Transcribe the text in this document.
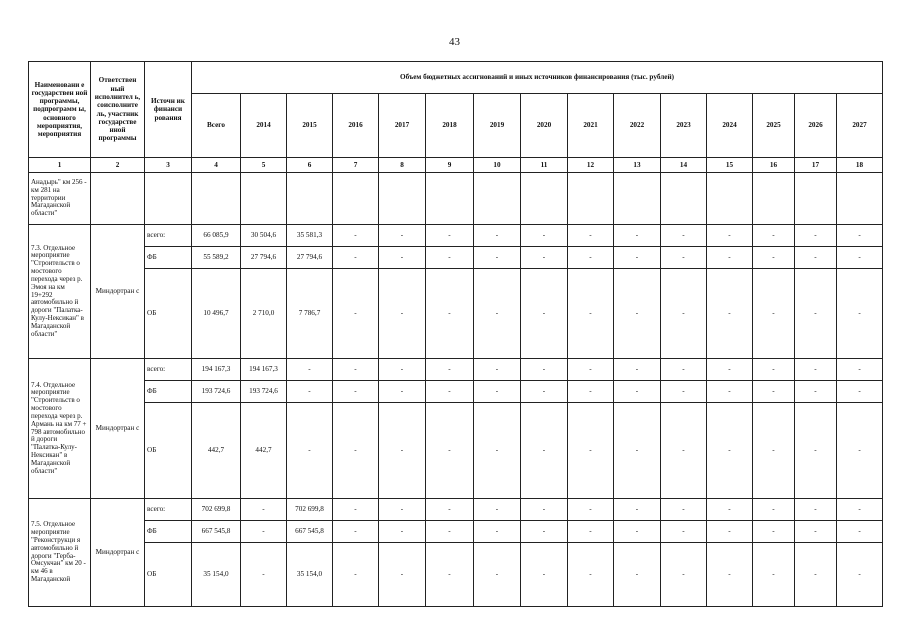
43
Наименовани е государствен ной программы, подпрограмм ы, основного мероприятия, мероприятия	Ответствен ный исполнител ь, соисполните ль, участник государстве нной программы	Источн ик финанси рования	Объем бюджетных ассигнований и иных источников финансирования (тыс. рублей)														
			Всего	2014	2015	2016	2017	2018	2019	2020	2021	2022	2023	2024	2025	2026	2027
1	2	3	4	5	6	7	8	9	10	11	12	13	14	15	16	17	18
Анадырь" км 256 - км 281 на территории Магаданской области"																	
7.3. Отдельное мероприятие "Строительств о мостового перехода через р. Эмоя на км 19+292 автомобильно й дороги "Палатка-Кулу-Нексикан" в Магаданской области"	Миндортран с	всего:	66 085,9	30 504,6	35 581,3	-	-	-	-	-	-	-	-	-	-	-	-
		ФБ	55 589,2	27 794,6	27 794,6	-	-	-	-	-	-	-	-	-	-	-	-
		ОБ	10 496,7	2 710,0	7 786,7	-	-	-	-	-	-	-	-	-	-	-	-
7.4. Отдельное мероприятие "Строительств о мостового перехода через р. Армань на км 77 + 798 автомобильно й дороги "Палатка-Кулу-Нексикан" в Магаданской области"	Миндортран с	всего:	194 167,3	194 167,3	-	-	-	-	-	-	-	-	-	-	-	-	-
		ФБ	193 724,6	193 724,6	-	-	-	-	-	-	-	-	-	-	-	-	-
		ОБ	442,7	442,7	-	-	-	-	-	-	-	-	-	-	-	-	-
7.5. Отдельное мероприятие "Реконструкци я автомобильно й дороги "Герба-Омсукчан" км 20 - км 46 в Магаданской	Миндортран с	всего:	702 699,8	-	702 699,8	-	-	-	-	-	-	-	-	-	-	-	-
		ФБ	667 545,8	-	667 545,8	-	-	-	-	-	-	-	-	-	-	-	-
		ОБ	35 154,0	-	35 154,0	-	-	-	-	-	-	-	-	-	-	-	-
